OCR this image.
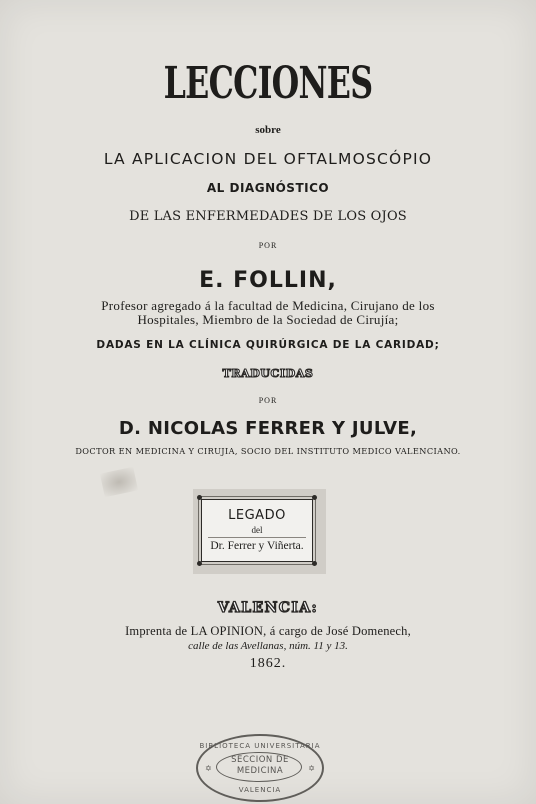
LECCIONES
sobre
LA APLICACION DEL OFTALMOSCÓPIO
AL DIAGNÓSTICO
DE LAS ENFERMEDADES DE LOS OJOS
POR
E. FOLLIN,
Profesor agregado á la facultad de Medicina, Cirujano de los
Hospitales, Miembro de la Sociedad de Cirujía;
DADAS EN LA CLÍNICA QUIRÚRGICA DE LA CARIDAD;
TRADUCIDAS
POR
D. NICOLAS FERRER Y JULVE,
DOCTOR EN MEDICINA Y CIRUJIA, SOCIO DEL INSTITUTO MEDICO VALENCIANO.
LEGADO
del
Dr. Ferrer y Viñerta.
VALENCIA:
Imprenta de LA OPINION, á cargo de José Domenech,
calle de las Avellanas, núm. 11 y 13.
1862.
BIBLIOTECA UNIVERSITARIA
SECCION DE
MEDICINA
VALENCIA
✡	✡
